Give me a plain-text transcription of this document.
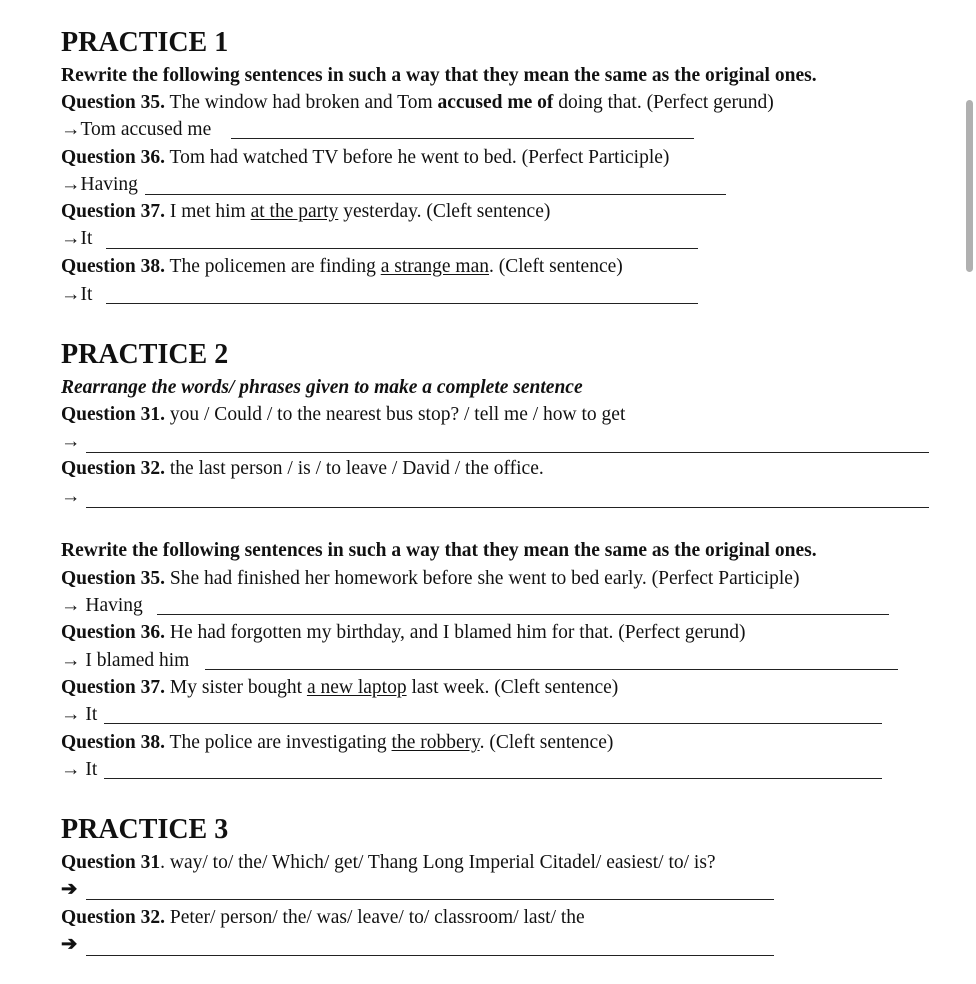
PRACTICE 1
Rewrite the following sentences in such a way that they mean the same as the original ones.
Question 35. The window had broken and Tom accused me of doing that. (Perfect gerund)
→Tom accused me
Question 36. Tom had watched TV before he went to bed. (Perfect Participle)
→Having
Question 37. I met him at the party yesterday. (Cleft sentence)
→It
Question 38. The policemen are finding a strange man. (Cleft sentence)
→It
PRACTICE 2
Rearrange the words/ phrases given to make a complete sentence
Question 31. you / Could / to the nearest bus stop? / tell me / how to get
→
Question 32. the last person / is / to leave / David / the office.
→
Rewrite the following sentences in such a way that they mean the same as the original ones.
Question 35. She had finished her homework before she went to bed early. (Perfect Participle)
→ Having
Question 36. He had forgotten my birthday, and I blamed him for that. (Perfect gerund)
→ I blamed him
Question 37. My sister bought a new laptop last week. (Cleft sentence)
→ It
Question 38. The police are investigating the robbery. (Cleft sentence)
→ It
PRACTICE 3
Question 31. way/ to/ the/ Which/ get/ Thang Long Imperial Citadel/ easiest/ to/ is?
➔
Question 32. Peter/ person/ the/ was/ leave/ to/ classroom/ last/ the
➔
